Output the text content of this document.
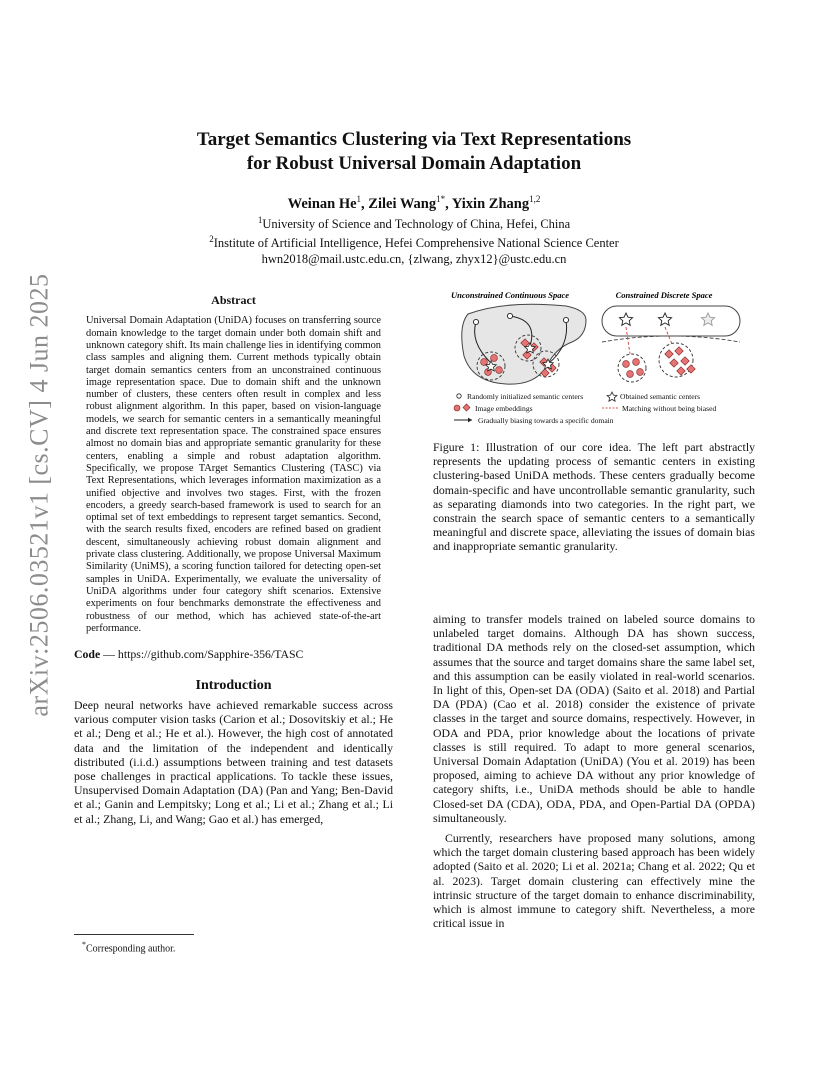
arXiv:2506.03521v1 [cs.CV] 4 Jun 2025
Target Semantics Clustering via Text Representations
for Robust Universal Domain Adaptation
Weinan He$^1$, Zilei Wang$^{1*}$, Yixin Zhang$^{1,2}$
$^1$University of Science and Technology of China, Hefei, China
$^2$Institute of Artificial Intelligence, Hefei Comprehensive National Science Center
hwn2018@mail.ustc.edu.cn, {zlwang, zhyx12}@ustc.edu.cn
Abstract

Universal Domain Adaptation (UniDA) focuses on transferring source domain knowledge to the target domain under both domain shift and unknown category shift. Its main challenge lies in identifying common class samples and aligning them. Current methods typically obtain target domain semantics centers from an unconstrained continuous image representation space. Due to domain shift and the unknown number of clusters, these centers often result in complex and less robust alignment algorithm. In this paper, based on vision-language models, we search for semantic centers in a semantically meaningful and discrete text representation space. The constrained space ensures almost no domain bias and appropriate semantic granularity for these centers, enabling a simple and robust adaptation algorithm. Specifically, we propose TArget Semantics Clustering (TASC) via Text Representations, which leverages information maximization as a unified objective and involves two stages. First, with the frozen encoders, a greedy search-based framework is used to search for an optimal set of text embeddings to represent target semantics. Second, with the search results fixed, encoders are refined based on gradient descent, simultaneously achieving robust domain alignment and private class clustering. Additionally, we propose Universal Maximum Similarity (UniMS), a scoring function tailored for detecting open-set samples in UniDA. Experimentally, we evaluate the universality of UniDA algorithms under four category shift scenarios. Extensive experiments on four benchmarks demonstrate the effectiveness and robustness of our method, which has achieved state-of-the-art performance.

Code — https://github.com/Sapphire-356/TASC

Introduction

Deep neural networks have achieved remarkable success across various computer vision tasks (Carion et al.; Dosovitskiy et al.; He et al.; Deng et al.; He et al.). However, the high cost of annotated data and the limitation of the independent and identically distributed (i.i.d.) assumptions between training and test datasets pose challenges in practical applications. To tackle these issues, Unsupervised Domain Adaptation (DA) (Pan and Yang; Ben-David et al.; Ganin and Lempitsky; Long et al.; Li et al.; Zhang et al.; Li et al.; Zhang, Li, and Wang; Gao et al.) has emerged,

*Corresponding author.
Unconstrained Continuous Space	Constrained Discrete Space
Randomly initialized semantic centers
Image embeddings
Gradually biasing towards a specific domain
Obtained semantic centers
Matching without being biased

Figure 1: Illustration of our core idea. The left part abstractly represents the updating process of semantic centers in existing clustering-based UniDA methods. These centers gradually become domain-specific and have uncontrollable semantic granularity, such as separating diamonds into two categories. In the right part, we constrain the search space of semantic centers to a semantically meaningful and discrete space, alleviating the issues of domain bias and inappropriate semantic granularity.

aiming to transfer models trained on labeled source domains to unlabeled target domains. Although DA has shown success, traditional DA methods rely on the closed-set assumption, which assumes that the source and target domains share the same label set, and this assumption can be easily violated in real-world scenarios. In light of this, Open-set DA (ODA) (Saito et al. 2018) and Partial DA (PDA) (Cao et al. 2018) consider the existence of private classes in the target and source domains, respectively. However, in ODA and PDA, prior knowledge about the locations of private classes is still required. To adapt to more general scenarios, Universal Domain Adaptation (UniDA) (You et al. 2019) has been proposed, aiming to achieve DA without any prior knowledge of category shifts, i.e., UniDA methods should be able to handle Closed-set DA (CDA), ODA, PDA, and Open-Partial DA (OPDA) simultaneously.

Currently, researchers have proposed many solutions, among which the target domain clustering based approach has been widely adopted (Saito et al. 2020; Li et al. 2021a; Chang et al. 2022; Qu et al. 2023). Target domain clustering can effectively mine the intrinsic structure of the target domain to enhance discriminability, which is almost immune to category shift. Nevertheless, a more critical issue in
